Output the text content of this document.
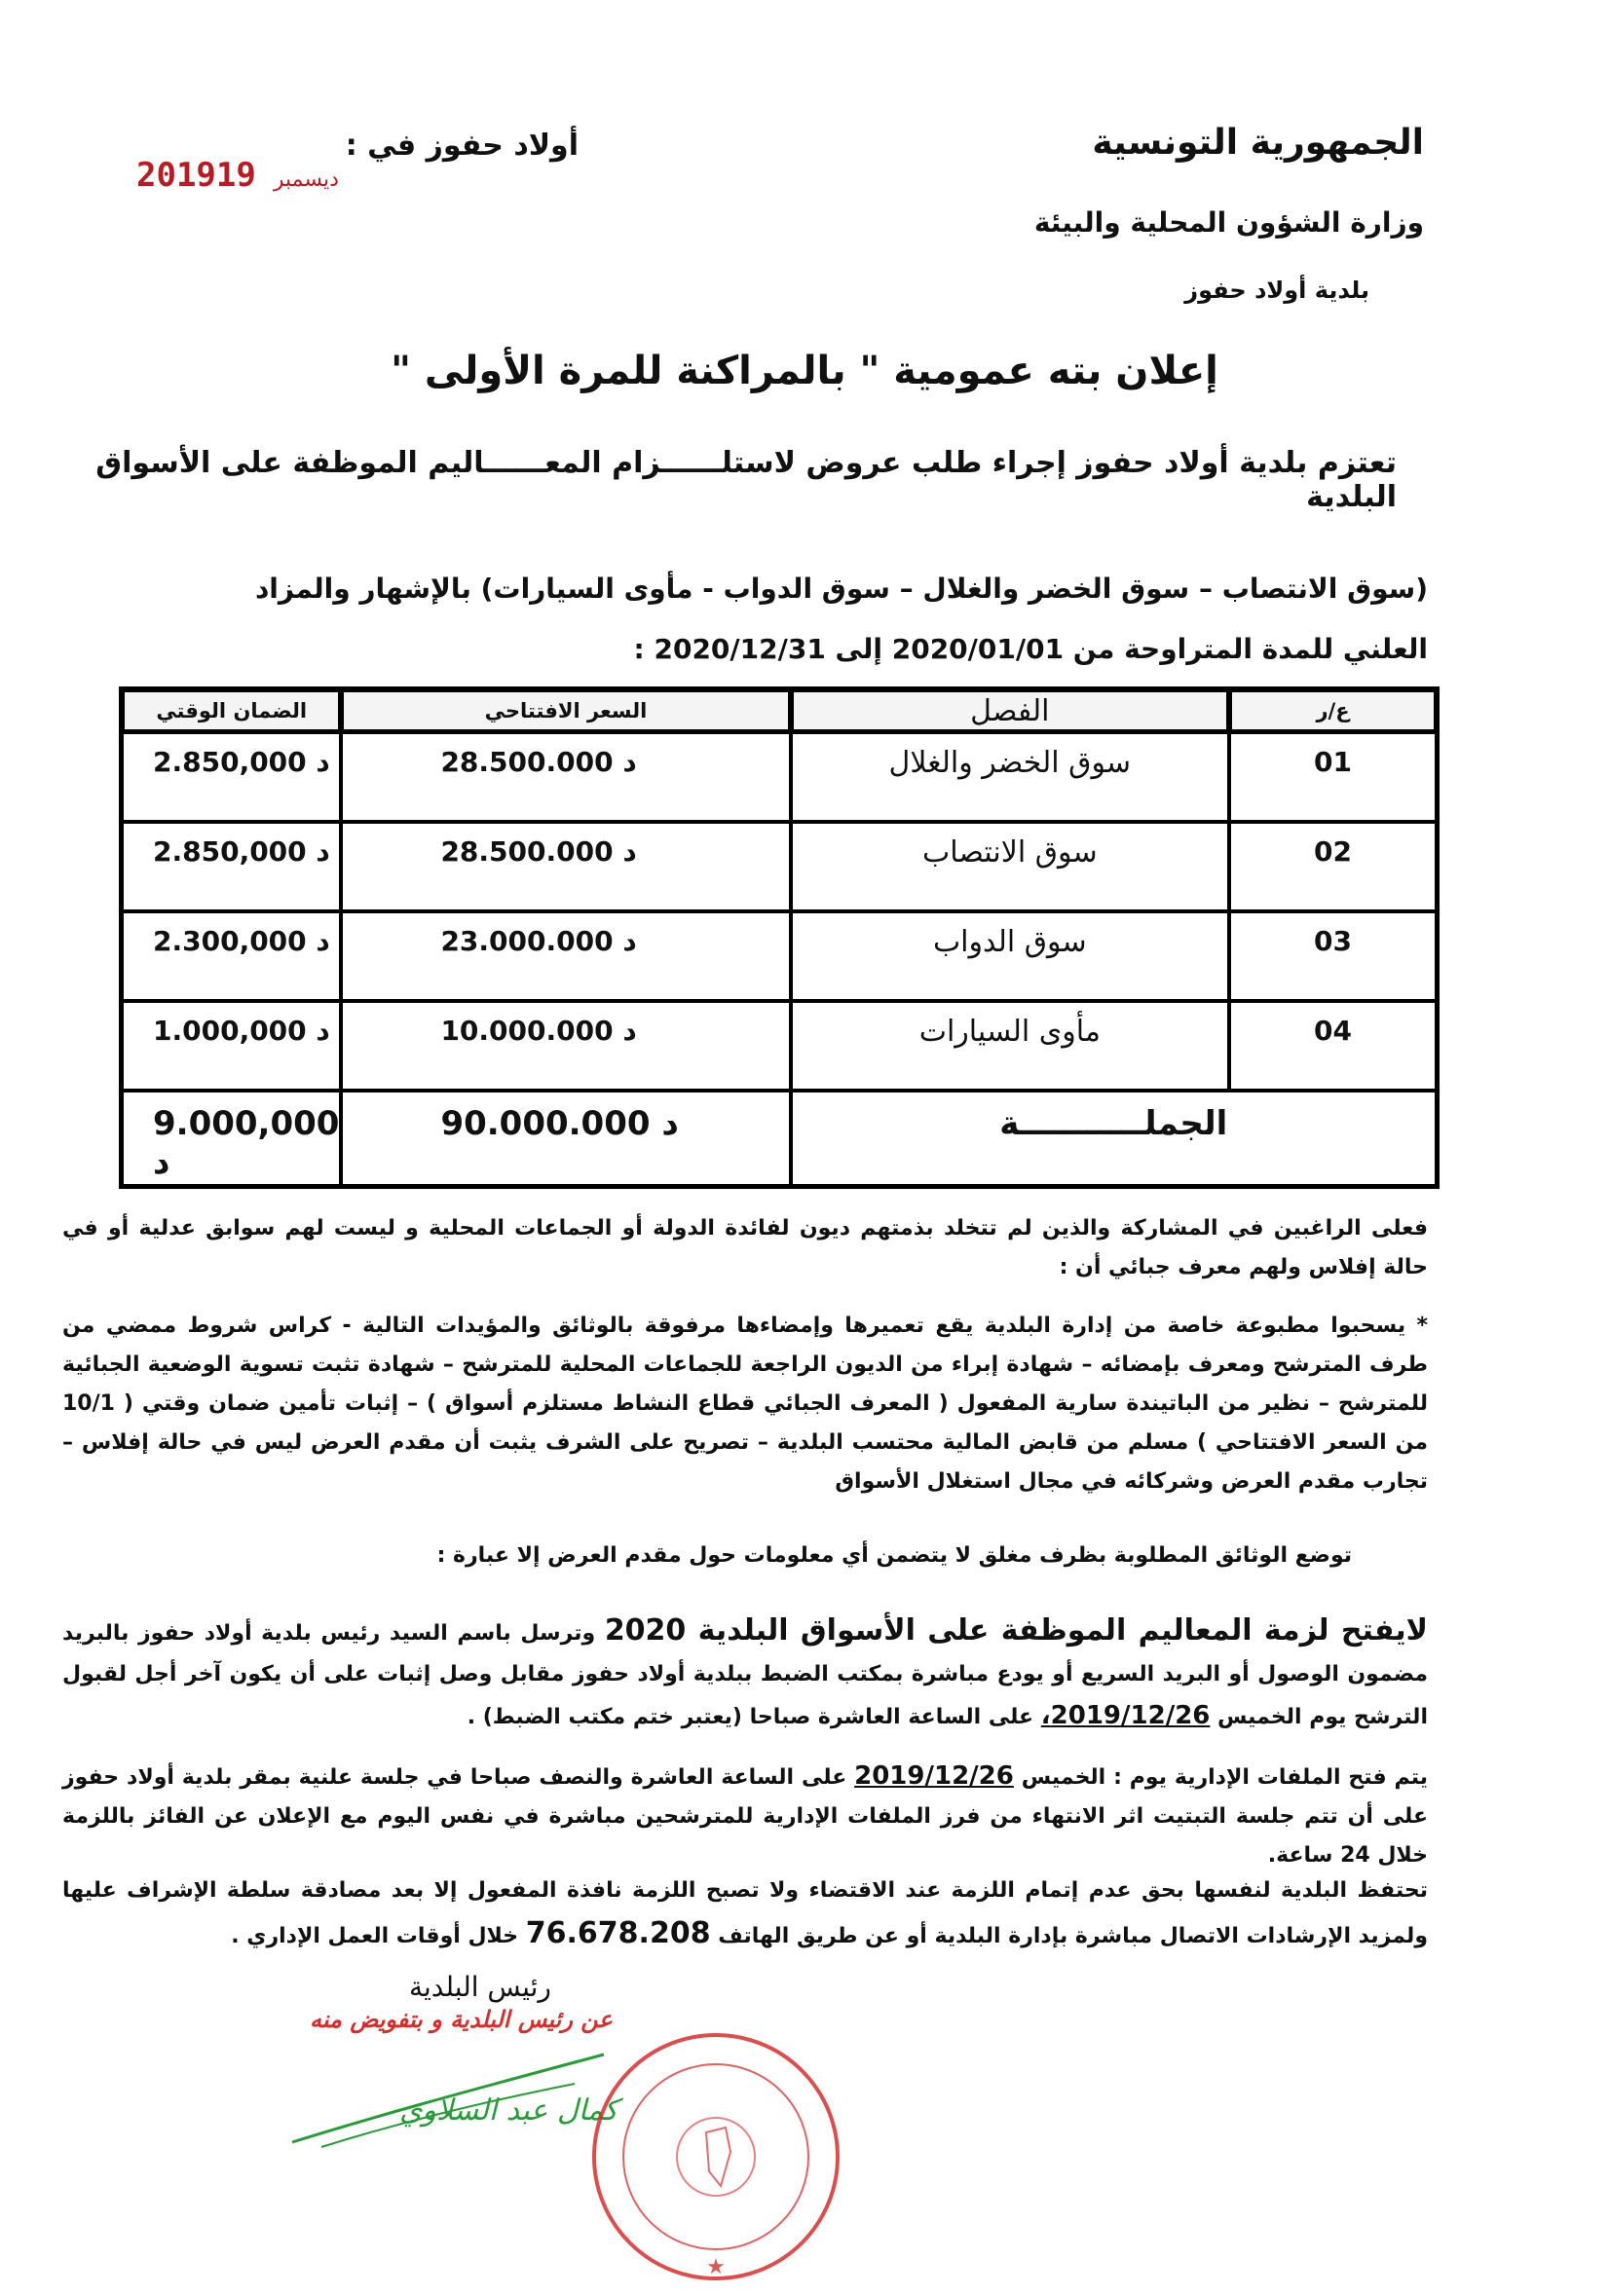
الجمهورية التونسية
وزارة الشؤون المحلية والبيئة
بلدية أولاد حفوز
أولاد حفوز في :
2019	ديسمبر19
إعلان بته عمومية " بالمراكنة للمرة الأولى "
تعتزم بلدية أولاد حفوز إجراء طلب عروض لاستلــــــزام المعــــــاليم الموظفة على الأسواق البلدية
(سوق الانتصاب – سوق الخضر والغلال – سوق الدواب - مأوى السيارات) بالإشهار والمزاد العلني للمدة المتراوحة من 2020/01/01 إلى 2020/12/31 :
ع/ر	الفصل	السعر الافتتاحي	الضمان الوقتي
01	سوق الخضر والغلال	28.500.000 د	2.850,000 د
02	سوق الانتصاب	28.500.000 د	2.850,000 د
03	سوق الدواب	23.000.000 د	2.300,000 د
04	مأوى السيارات	10.000.000 د	1.000,000 د
الجملـــــــــــة		90.000.000 د	9.000,000 د
فعلى الراغبين في المشاركة والذين لم تتخلد بذمتهم ديون لفائدة الدولة أو الجماعات المحلية و ليست لهم سوابق عدلية أو في حالة إفلاس ولهم معرف جبائي أن :
* يسحبوا مطبوعة خاصة من إدارة البلدية يقع تعميرها وإمضاءها مرفوقة بالوثائق والمؤيدات التالية - كراس شروط ممضي من طرف المترشح ومعرف بإمضائه – شهادة إبراء من الديون الراجعة للجماعات المحلية للمترشح – شهادة تثبت تسوية الوضعية الجبائية للمترشح – نظير من الباتيندة سارية المفعول ( المعرف الجبائي قطاع النشاط مستلزم أسواق ) – إثبات تأمين ضمان وقتي ( 10/1 من السعر الافتتاحي ) مسلم من قابض المالية محتسب البلدية – تصريح على الشرف يثبت أن مقدم العرض ليس في حالة إفلاس – تجارب مقدم العرض وشركائه في مجال استغلال الأسواق
توضع الوثائق المطلوبة بظرف مغلق لا يتضمن أي معلومات حول مقدم العرض إلا عبارة :
لايفتح لزمة المعاليم الموظفة على الأسواق البلدية 2020 وترسل باسم السيد رئيس بلدية أولاد حفوز بالبريد مضمون الوصول أو البريد السريع أو يودع مباشرة بمكتب الضبط ببلدية أولاد حفوز مقابل وصل إثبات على أن يكون آخر أجل لقبول الترشح يوم الخميس 2019/12/26، على الساعة العاشرة صباحا (يعتبر ختم مكتب الضبط) .
يتم فتح الملفات الإدارية يوم : الخميس 2019/12/26 على الساعة العاشرة والنصف صباحا في جلسة علنية بمقر بلدية أولاد حفوز على أن تتم جلسة التبتيت اثر الانتهاء من فرز الملفات الإدارية للمترشحين مباشرة في نفس اليوم مع الإعلان عن الفائز باللزمة خلال 24 ساعة.
تحتفظ البلدية لنفسها بحق عدم إتمام اللزمة عند الاقتضاء ولا تصبح اللزمة نافذة المفعول إلا بعد مصادقة سلطة الإشراف عليها ولمزيد الإرشادات الاتصال مباشرة بإدارة البلدية أو عن طريق الهاتف 76.678.208 خلال أوقات العمل الإداري .
رئيس البلدية
عن رئيس البلدية و بتفويض منه
كمال عبد السلاوي
★
